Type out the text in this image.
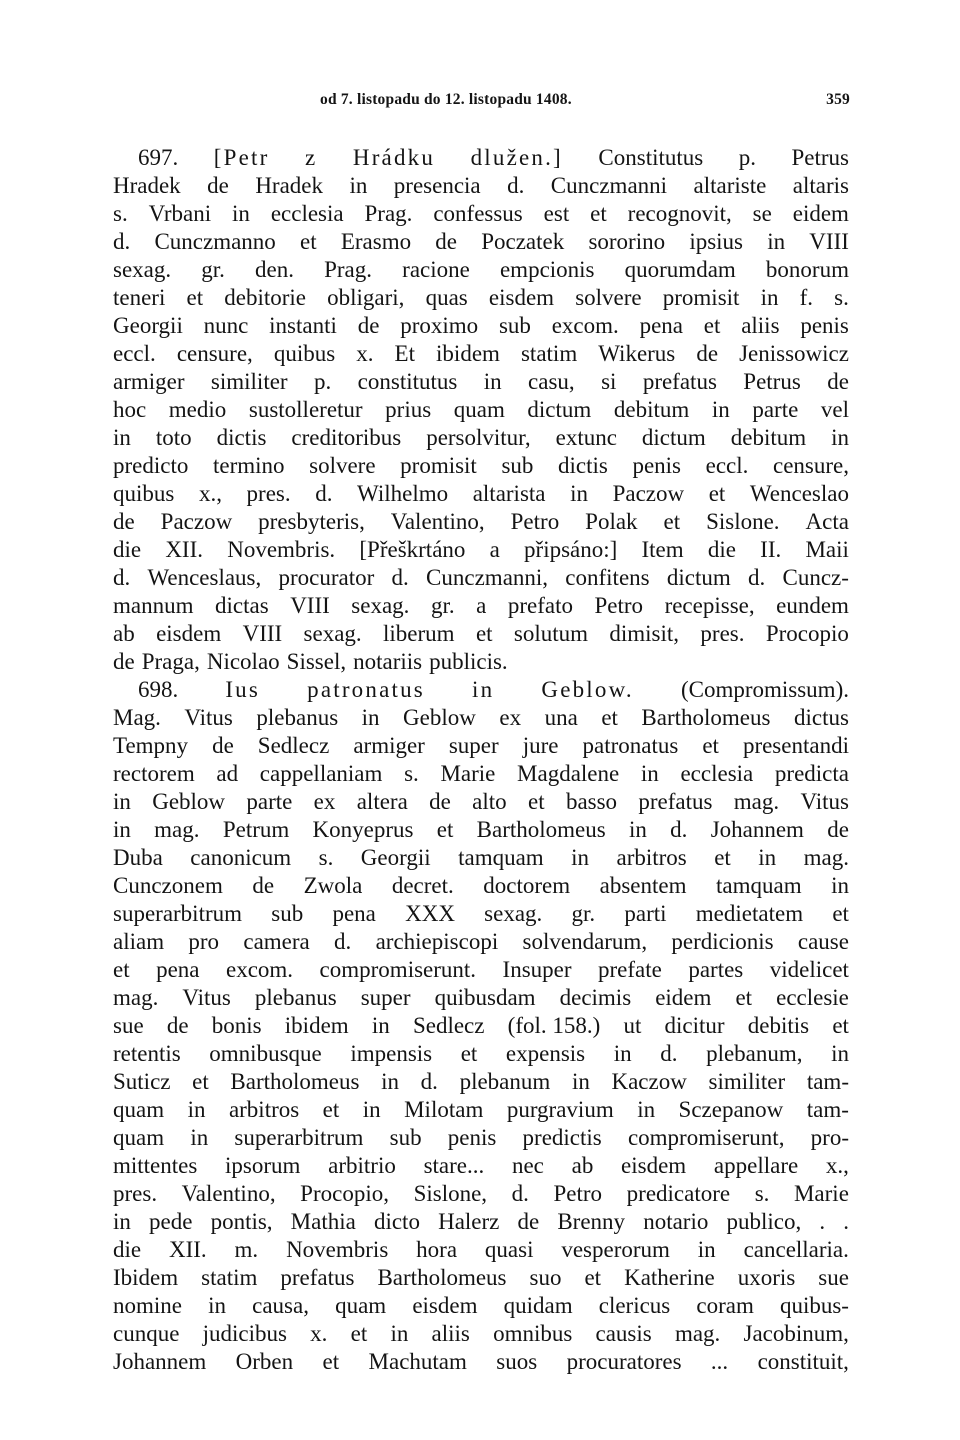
od 7. listopadu do 12. listopadu 1408.	359
697. [Petr z Hrádku dlužen.] Constitutus p. Petrus
Hradek de Hradek in presencia d. Cunczmanni altariste altaris
s. Vrbani in ecclesia Prag. confessus est et recognovit, se eidem
d. Cunczmanno et Erasmo de Poczatek sororino ipsius in VIII
sexag. gr. den. Prag. racione empcionis quorumdam bonorum
teneri et debitorie obligari, quas eisdem solvere promisit in f. s.
Georgii nunc instanti de proximo sub excom. pena et aliis penis
eccl. censure, quibus x. Et ibidem statim Wikerus de Jenissowicz
armiger similiter p. constitutus in casu, si prefatus Petrus de
hoc medio sustolleretur prius quam dictum debitum in parte vel
in toto dictis creditoribus persolvitur, extunc dictum debitum in
predicto termino solvere promisit sub dictis penis eccl. censure,
quibus x., pres. d. Wilhelmo altarista in Paczow et Wenceslao
de Paczow presbyteris, Valentino, Petro Polak et Sislone. Acta
die XII. Novembris. [Přeškrtáno a připsáno:] Item die II. Maii
d. Wenceslaus, procurator d. Cunczmanni, confitens dictum d. Cuncz-
mannum dictas VIII sexag. gr. a prefato Petro recepisse, eundem
ab eisdem VIII sexag. liberum et solutum dimisit, pres. Procopio
de Praga, Nicolao Sissel, notariis publicis.
698. Ius patronatus in Geblow. (Compromissum).
Mag. Vitus plebanus in Geblow ex una et Bartholomeus dictus
Tempny de Sedlecz armiger super jure patronatus et presentandi
rectorem ad cappellaniam s. Marie Magdalene in ecclesia predicta
in Geblow parte ex altera de alto et basso prefatus mag. Vitus
in mag. Petrum Konyeprus et Bartholomeus in d. Johannem de
Duba canonicum s. Georgii tamquam in arbitros et in mag.
Cunczonem de Zwola decret. doctorem absentem tamquam in
superarbitrum sub pena XXX sexag. gr. parti medietatem et
aliam pro camera d. archiepiscopi solvendarum, perdicionis cause
et pena excom. compromiserunt. Insuper prefate partes videlicet
mag. Vitus plebanus super quibusdam decimis eidem et ecclesie
sue de bonis ibidem in Sedlecz (fol. 158.) ut dicitur debitis et
retentis omnibusque impensis et expensis in d. plebanum, in
Suticz et Bartholomeus in d. plebanum in Kaczow similiter tam-
quam in arbitros et in Milotam purgravium in Sczepanow tam-
quam in superarbitrum sub penis predictis compromiserunt, pro-
mittentes ipsorum arbitrio stare... nec ab eisdem appellare x.,
pres. Valentino, Procopio, Sislone, d. Petro predicatore s. Marie
in pede pontis, Mathia dicto Halerz de Brenny notario publico, . .
die XII. m. Novembris hora quasi vesperorum in cancellaria.
Ibidem statim prefatus Bartholomeus suo et Katherine uxoris sue
nomine in causa, quam eisdem quidam clericus coram quibus-
cunque judicibus x. et in aliis omnibus causis mag. Jacobinum,
Johannem Orben et Machutam suos procuratores ... constituit,
